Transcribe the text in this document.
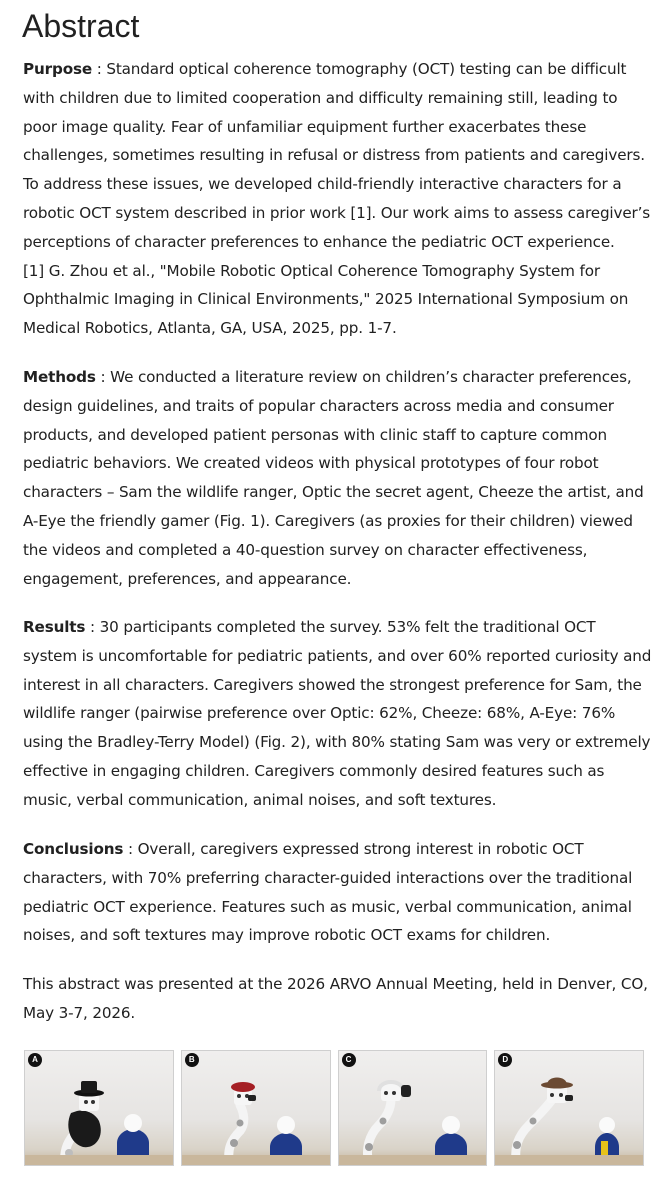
Abstract

Purpose : Standard optical coherence tomography (OCT) testing can be difficult with children due to limited cooperation and difficulty remaining still, leading to poor image quality. Fear of unfamiliar equipment further exacerbates these challenges, sometimes resulting in refusal or distress from patients and caregivers. To address these issues, we developed child-friendly interactive characters for a robotic OCT system described in prior work [1]. Our work aims to assess caregiver’s perceptions of character preferences to enhance the pediatric OCT experience.
[1] G. Zhou et al., "Mobile Robotic Optical Coherence Tomography System for Ophthalmic Imaging in Clinical Environments," 2025 International Symposium on Medical Robotics, Atlanta, GA, USA, 2025, pp. 1-7.

Methods : We conducted a literature review on children’s character preferences, design guidelines, and traits of popular characters across media and consumer products, and developed patient personas with clinic staff to capture common pediatric behaviors. We created videos with physical prototypes of four robot characters – Sam the wildlife ranger, Optic the secret agent, Cheeze the artist, and A-Eye the friendly gamer (Fig. 1). Caregivers (as proxies for their children) viewed the videos and completed a 40-question survey on character effectiveness, engagement, preferences, and appearance.

Results : 30 participants completed the survey. 53% felt the traditional OCT system is uncomfortable for pediatric patients, and over 60% reported curiosity and interest in all characters. Caregivers showed the strongest preference for Sam, the wildlife ranger (pairwise preference over Optic: 62%, Cheeze: 68%, A-Eye: 76% using the Bradley-Terry Model) (Fig. 2), with 80% stating Sam was very or extremely effective in engaging children. Caregivers commonly desired features such as music, verbal communication, animal noises, and soft textures.

Conclusions : Overall, caregivers expressed strong interest in robotic OCT characters, with 70% preferring character-guided interactions over the traditional pediatric OCT experience. Features such as music, verbal communication, animal noises, and soft textures may improve robotic OCT exams for children.

This abstract was presented at the 2026 ARVO Annual Meeting, held in Denver, CO, May 3-7, 2026.

A	B	C	D
